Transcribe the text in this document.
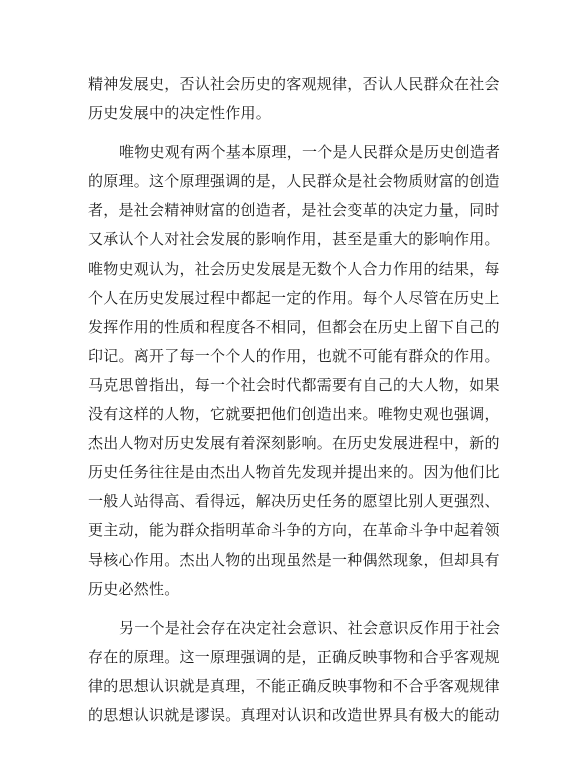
精神发展史，否认社会历史的客观规律，否认人民群众在社会
历史发展中的决定性作用。
唯物史观有两个基本原理，一个是人民群众是历史创造者
的原理。这个原理强调的是，人民群众是社会物质财富的创造
者，是社会精神财富的创造者，是社会变革的决定力量，同时
又承认个人对社会发展的影响作用，甚至是重大的影响作用。
唯物史观认为，社会历史发展是无数个人合力作用的结果，每
个人在历史发展过程中都起一定的作用。每个人尽管在历史上
发挥作用的性质和程度各不相同，但都会在历史上留下自己的
印记。离开了每一个个人的作用，也就不可能有群众的作用。
马克思曾指出，每一个社会时代都需要有自己的大人物，如果
没有这样的人物，它就要把他们创造出来。唯物史观也强调，
杰出人物对历史发展有着深刻影响。在历史发展进程中，新的
历史任务往往是由杰出人物首先发现并提出来的。因为他们比
一般人站得高、看得远，解决历史任务的愿望比别人更强烈、
更主动，能为群众指明革命斗争的方向，在革命斗争中起着领
导核心作用。杰出人物的出现虽然是一种偶然现象，但却具有
历史必然性。
另一个是社会存在决定社会意识、社会意识反作用于社会
存在的原理。这一原理强调的是，正确反映事物和合乎客观规
律的思想认识就是真理，不能正确反映事物和不合乎客观规律
的思想认识就是谬误。真理对认识和改造世界具有极大的能动
